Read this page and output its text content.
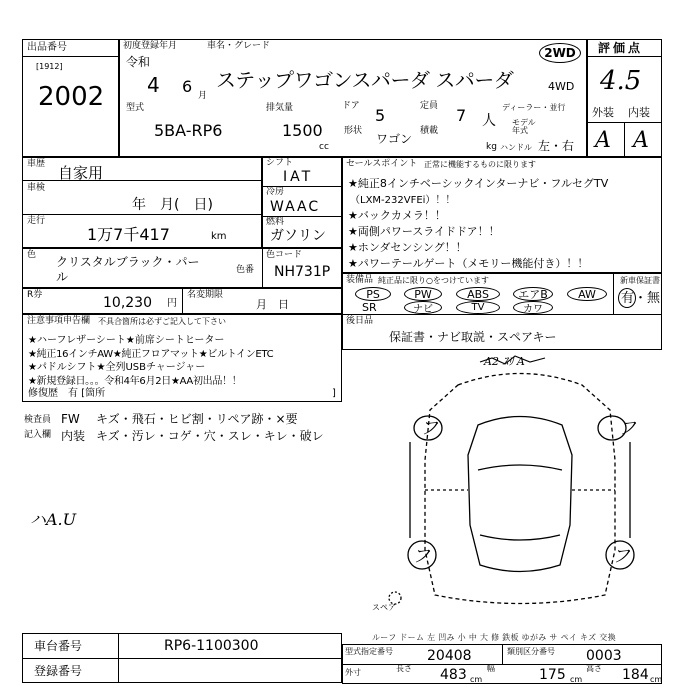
出品番号
[1912]
2002
初度登録年月	車名・グレード
令和
4 6 月
ステップワゴンスパーダ スパーダ
2WD
4WD
型式
5BA-RP6
排気量
1500
cc
ドア 5	定員 7 人
ディーラー・並行
モデル年式
形状
ワゴン
積載
kg ハンドル 左・右
評価点
4.5
外装 内装
A A
車歴 自家用
車検
年　月(　日)
走行
1万7千417	km
シフト
IAT
冷房
WAAC
燃料
ガソリン
セールスポイント 正常に機能するものに限ります
★純正8インチベーシックインターナビ・フルセグTV
（LXM-232VFEi）！！
★バックカメラ！！
★両側パワースライドドア！！
★ホンダセンシング！！
★パワーテールゲート（メモリー機能付き）！！
色 クリスタルブラック・パール	色番
色コード
NH731P 装備品 純正品に限り○をつけています
PS	PW	ABS	エアB	AW
SR	ナビ	TV	カワ
新車保証書
有・無
R券	10,230 円
名変期限
月　日
注意事項申告欄 不具合箇所は必ずご記入して下さい
★ハーフレザーシート★前席シートヒーター
★純正16インチAW★純正フロアマット★ビルトインETC
★パドルシフト★全列USBチャージャー
★新規登録日。。。令和4年6月2日★AA初出品！！
修復歴 有 [箇所	]
後日品
保証書・ナビ取説・スペアキー
検査員
記入欄
FW キズ・飛石・ヒビ割・リペア跡・×要
内装 キズ・汚レ・コゲ・穴・スレ・キレ・破レ
ハA.U
A2 ｽﾘ A
フ	フ
フ	フ
スペア
車台番号	RP6-1100300
登録番号
ルーフ ドーム 左 凹み 小 中 大 修 鉄板 ゆがみ サ ペイ キズ 交換
型式指定番号 20408	類別区分番号 0003
外寸	長さ 483 cm
幅	175 cm
高さ 184 cm
